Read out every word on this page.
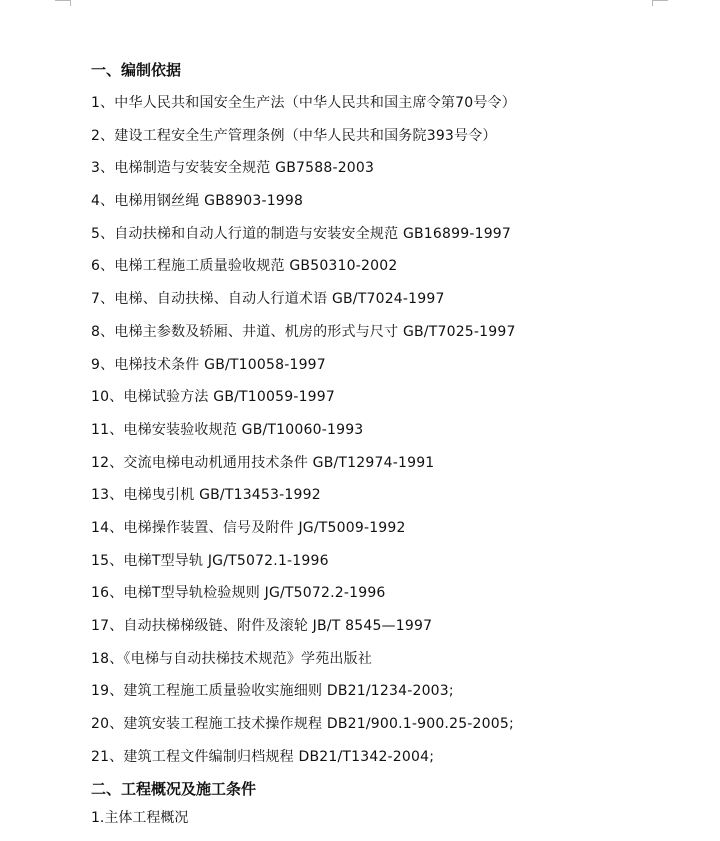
一、编制依据
1、中华人民共和国安全生产法（中华人民共和国主席令第70号令）
2、建设工程安全生产管理条例（中华人民共和国务院393号令）
3、电梯制造与安装安全规范 GB7588-2003
4、电梯用钢丝绳 GB8903-1998
5、自动扶梯和自动人行道的制造与安装安全规范 GB16899-1997
6、电梯工程施工质量验收规范 GB50310-2002
7、电梯、自动扶梯、自动人行道术语 GB/T7024-1997
8、电梯主参数及轿厢、井道、机房的形式与尺寸 GB/T7025-1997
9、电梯技术条件 GB/T10058-1997
10、电梯试验方法 GB/T10059-1997
11、电梯安装验收规范 GB/T10060-1993
12、交流电梯电动机通用技术条件 GB/T12974-1991
13、电梯曳引机 GB/T13453-1992
14、电梯操作装置、信号及附件 JG/T5009-1992
15、电梯T型导轨 JG/T5072.1-1996
16、电梯T型导轨检验规则 JG/T5072.2-1996
17、自动扶梯梯级链、附件及滚轮 JB/T 8545—1997
18、《电梯与自动扶梯技术规范》学苑出版社
19、建筑工程施工质量验收实施细则 DB21/1234-2003;
20、建筑安装工程施工技术操作规程 DB21/900.1-900.25-2005;
21、建筑工程文件编制归档规程 DB21/T1342-2004;
二、工程概况及施工条件
1.主体工程概况
